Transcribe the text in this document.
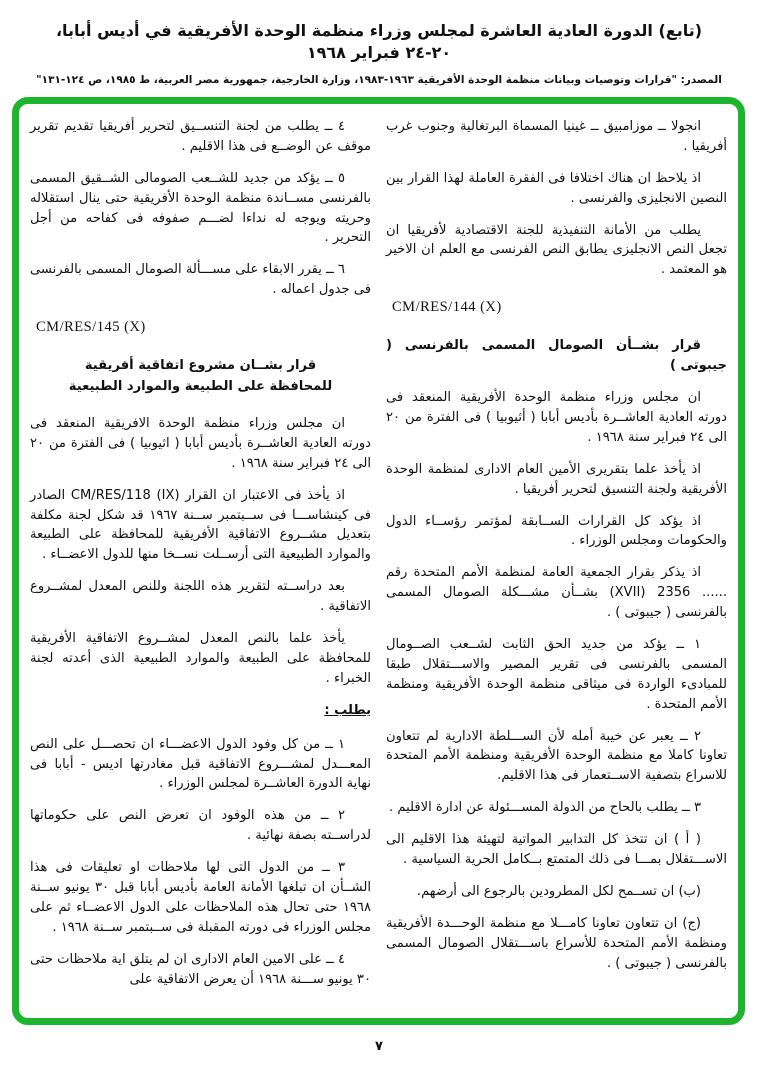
(تابع) الدورة العادية العاشرة لمجلس وزراء منظمة الوحدة الأفريقية في أديس أبابا، ٢٠-٢٤ فبراير ١٩٦٨
المصدر: "قرارات وتوصيات وبيانات منظمة الوحدة الأفريقية ١٩٦٣-١٩٨٣، وزارة الخارجية، جمهورية مصر العربية، ط ١٩٨٥، ص ١٢٤-١٣١"

انجولا ــ موزامبيق ــ غينيا المسماة البرتغالية وجنوب غرب أفريقيا .

اذ يلاحظ ان هناك اختلافا فى الفقرة العاملة لهذا القرار بين النصين الانجليزى والفرنسى .

يطلب من الأمانة التنفيذية للجنة الاقتصادية لأفريقيا ان تجعل النص الانجليزى يطابق النص الفرنسى مع العلم ان الاخير هو المعتمد .

CM/RES/144 (X)

قرار بشــأن الصومال المسمى بالفرنسى ( جيبوتى )

ان مجلس وزراء منظمة الوحدة الأفريقية المنعقد فى دورته العادية العاشــرة بأديس أبابا ( أثيوبيا ) فى الفترة من ٢٠ الى ٢٤ فبراير سنة ١٩٦٨ .

اذ يأخذ علما بتقريرى الأمين العام الادارى لمنظمة الوحدة الأفريقية ولجنة التنسيق لتحرير أفريقيا .

اذ يؤكد كل القرارات الســابقة لمؤتمر رؤســاء الدول والحكومات ومجلس الوزراء .

اذ يذكر بقرار الجمعية العامة لمنظمة الأمم المتحدة رقم ...... 2356 (XVII) بشــأن مشـــكلة الصومال المسمى بالفرنسى ( جيبوتى ) .

١ ــ يؤكد من جديد الحق الثابت لشــعب الصــومال المسمى بالفرنسى فى تقرير المصير والاســـتقلال طبقا للمبادىء الواردة فى ميثاقى منظمة الوحدة الأفريقية ومنظمة الأمم المتحدة .

٢ ــ يعبر عن خيبة أمله لأن الســـلطة الادارية لم تتعاون تعاونا كاملا مع منظمة الوحدة الأفريقية ومنظمة الأمم المتحدة للاسراع بتصفية الاســتعمار فى هذا الاقليم.

٣ ــ يطلب بالحاح من الدولة المســـئولة عن ادارة الاقليم .

( أ ) ان تتخذ كل التدابير المواتية لتهيئة هذا الاقليم الى الاســـتقلال بمـــا فى ذلك المتمتع بــكامل الحرية السياسية .

(ب) ان تســمح لكل المطرودين بالرجوع الى أرضهم.

(ج) ان تتعاون تعاونا كامـــلا مع منظمة الوحـــدة الأفريقية ومنظمة الأمم المتحدة للأسراع باســـتقلال الصومال المسمى بالفرنسى ( جيبوتى ) .

٤ ــ يطلب من لجنة التنســيق لتحرير أفريقيا تقديم تقرير موقف عن الوضــع فى هذا الاقليم .

٥ ــ يؤكد من جديد للشــعب الصومالى الشــقيق المسمى بالفرنسى مســاندة منظمة الوحدة الأفريقية حتى ينال استقلاله وحريته ويوجه له نداءا لضـــم صفوفه فى كفاحه من أجل التحرير .

٦ ــ يقرر الابقاء على مســـألة الصومال المسمى بالفرنسى فى جدول اعماله .

CM/RES/145 (X)
قرار بشــان مشروع اتفاقية أفريقية
للمحافظة على الطبيعة والموارد الطبيعية

ان مجلس وزراء منظمة الوحدة الافريقية المنعقد فى دورته العادية العاشــرة بأديس أبابا ( اثيوبيا ) فى الفترة من ٢٠ الى ٢٤ فبراير سنة ١٩٦٨ .

اذ يأخذ فى الاعتبار ان القرار CM/RES/118 (IX) الصادر فى كينشاســـا فى ســبتمبر ســنة ١٩٦٧ قد شكل لجنة مكلفة بتعديل مشــروع الاتفاقية الأفريقية للمحافظة على الطبيعة والموارد الطبيعية التى أرســلت نســخا منها للدول الاعضــاء .

بعد دراســته لتقرير هذه اللجنة وللنص المعدل لمشــروع الاتفاقية .

يأخذ علما بالنص المعدل لمشــروع الاتفاقية الأفريقية للمحافظة على الطبيعة والموارد الطبيعية الذى أعدته لجنة الخبراء .

يطلب :

١ ــ من كل وفود الدول الاعضـــاء ان تحصـــل على النص المعـــدل لمشـــروع الاتفاقية قبل مغادرتها اديس - أبابا فى نهاية الدورة العاشــرة لمجلس الوزراء .

٢ ــ من هذه الوفود ان تعرض النص على حكوماتها لدراســته بصفة نهائية .

٣ ــ من الدول التى لها ملاحظات او تعليقات فى هذا الشــأن ان تبلغها الأمانة العامة بأديس أبابا قبل ٣٠ يونيو ســنة ١٩٦٨ حتى تحال هذه الملاحظات على الدول الاعضــاء ثم على مجلس الوزراء فى دورته المقبلة فى ســبتمبر ســنة ١٩٦٨ .

٤ ــ على الامين العام الادارى ان لم يتلق اية ملاحظات حتى ٣٠ يونيو ســـنة ١٩٦٨ أن يعرض الاتفاقية على

٧
